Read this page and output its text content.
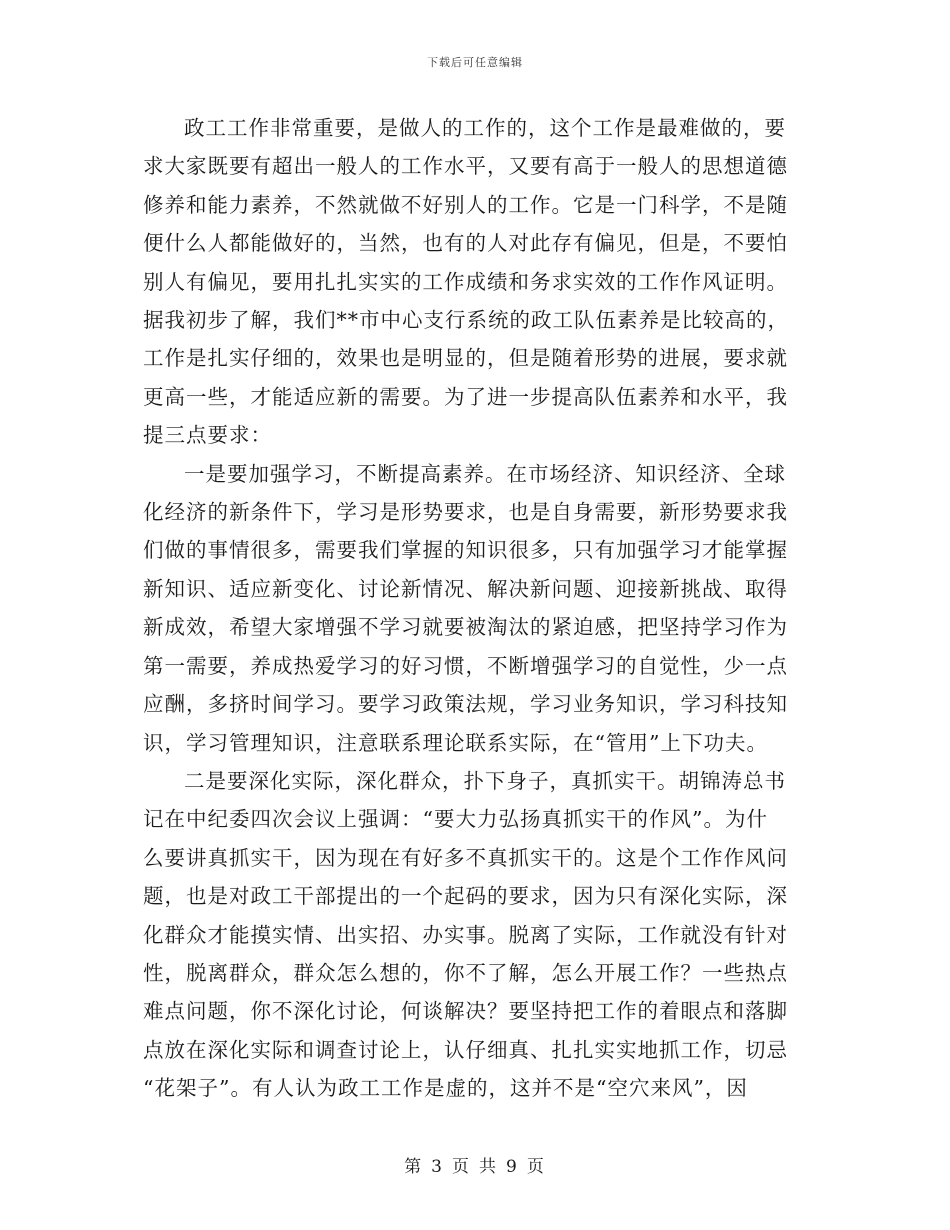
下载后可任意编辑
政工工作非常重要，是做人的工作的，这个工作是最难做的，要
求大家既要有超出一般人的工作水平，又要有高于一般人的思想道德
修养和能力素养，不然就做不好别人的工作。它是一门科学，不是随
便什么人都能做好的，当然，也有的人对此存有偏见，但是，不要怕
别人有偏见，要用扎扎实实的工作成绩和务求实效的工作作风证明。
据我初步了解，我们**市中心支行系统的政工队伍素养是比较高的，
工作是扎实仔细的，效果也是明显的，但是随着形势的进展，要求就
更高一些，才能适应新的需要。为了进一步提高队伍素养和水平，我
提三点要求：
一是要加强学习，不断提高素养。在市场经济、知识经济、全球
化经济的新条件下，学习是形势要求，也是自身需要，新形势要求我
们做的事情很多，需要我们掌握的知识很多，只有加强学习才能掌握
新知识、适应新变化、讨论新情况、解决新问题、迎接新挑战、取得
新成效，希望大家增强不学习就要被淘汰的紧迫感，把坚持学习作为
第一需要，养成热爱学习的好习惯，不断增强学习的自觉性，少一点
应酬，多挤时间学习。要学习政策法规，学习业务知识，学习科技知
识，学习管理知识，注意联系理论联系实际，在“管用”上下功夫。
二是要深化实际，深化群众，扑下身子，真抓实干。胡锦涛总书
记在中纪委四次会议上强调：“要大力弘扬真抓实干的作风”。为什
么要讲真抓实干，因为现在有好多不真抓实干的。这是个工作作风问
题，也是对政工干部提出的一个起码的要求，因为只有深化实际，深
化群众才能摸实情、出实招、办实事。脱离了实际，工作就没有针对
性，脱离群众，群众怎么想的，你不了解，怎么开展工作？一些热点
难点问题，你不深化讨论，何谈解决？要坚持把工作的着眼点和落脚
点放在深化实际和调查讨论上，认仔细真、扎扎实实地抓工作，切忌
“花架子”。有人认为政工工作是虚的，这并不是“空穴来风”，因
第 3 页 共 9 页
